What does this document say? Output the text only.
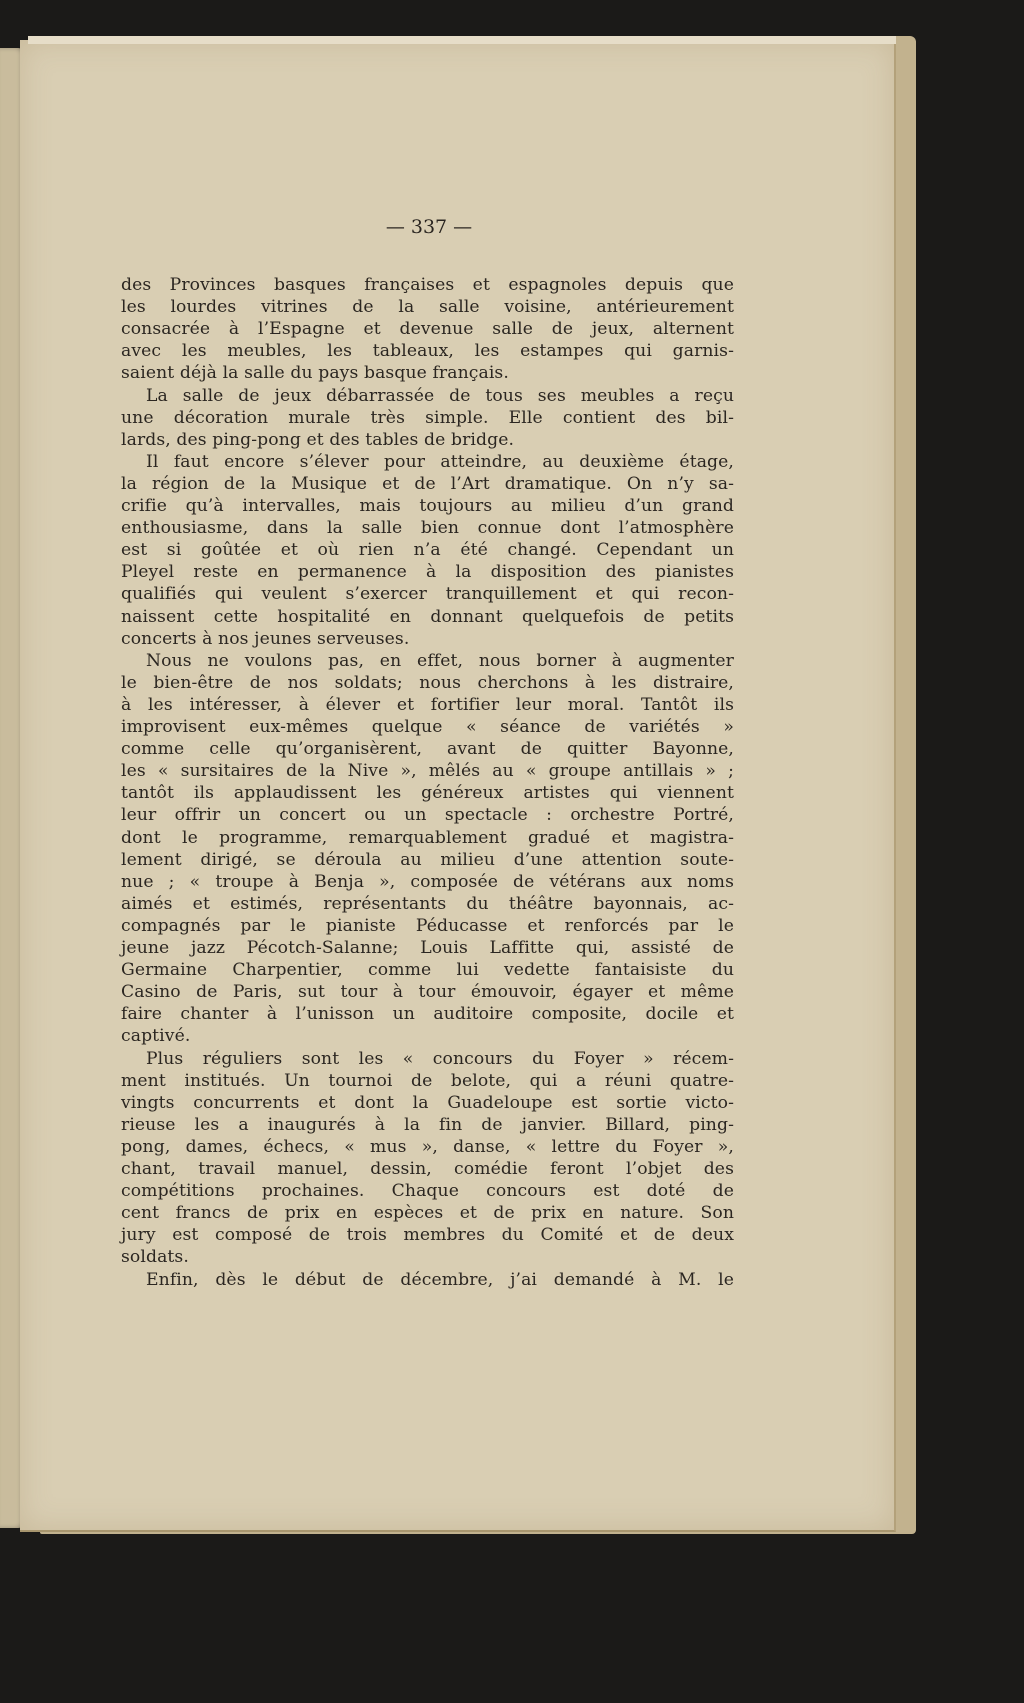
— 337 —
des Provinces basques françaises et espagnoles depuis que
les lourdes vitrines de la salle voisine, antérieurement
consacrée à l’Espagne et devenue salle de jeux, alternent
avec les meubles, les tableaux, les estampes qui garnis-
saient déjà la salle du pays basque français.
La salle de jeux débarrassée de tous ses meubles a reçu
une décoration murale très simple. Elle contient des bil-
lards, des ping-pong et des tables de bridge.
Il faut encore s’élever pour atteindre, au deuxième étage,
la région de la Musique et de l’Art dramatique. On n’y sa-
crifie qu’à intervalles, mais toujours au milieu d’un grand
enthousiasme, dans la salle bien connue dont l’atmosphère
est si goûtée et où rien n’a été changé. Cependant un
Pleyel reste en permanence à la disposition des pianistes
qualifiés qui veulent s’exercer tranquillement et qui recon-
naissent cette hospitalité en donnant quelquefois de petits
concerts à nos jeunes serveuses.
Nous ne voulons pas, en effet, nous borner à augmenter
le bien-être de nos soldats; nous cherchons à les distraire,
à les intéresser, à élever et fortifier leur moral. Tantôt ils
improvisent eux-mêmes quelque « séance de variétés »
comme celle qu’organisèrent, avant de quitter Bayonne,
les « sursitaires de la Nive », mêlés au « groupe antillais » ;
tantôt ils applaudissent les généreux artistes qui viennent
leur offrir un concert ou un spectacle : orchestre Portré,
dont le programme, remarquablement gradué et magistra-
lement dirigé, se déroula au milieu d’une attention soute-
nue ; « troupe à Benja », composée de vétérans aux noms
aimés et estimés, représentants du théâtre bayonnais, ac-
compagnés par le pianiste Péducasse et renforcés par le
jeune jazz Pécotch-Salanne; Louis Laffitte qui, assisté de
Germaine Charpentier, comme lui vedette fantaisiste du
Casino de Paris, sut tour à tour émouvoir, égayer et même
faire chanter à l’unisson un auditoire composite, docile et
captivé.
Plus réguliers sont les « concours du Foyer » récem-
ment institués. Un tournoi de belote, qui a réuni quatre-
vingts concurrents et dont la Guadeloupe est sortie victo-
rieuse les a inaugurés à la fin de janvier. Billard, ping-
pong, dames, échecs, « mus », danse, « lettre du Foyer »,
chant, travail manuel, dessin, comédie feront l’objet des
compétitions prochaines. Chaque concours est doté de
cent francs de prix en espèces et de prix en nature. Son
jury est composé de trois membres du Comité et de deux
soldats.
Enfin, dès le début de décembre, j’ai demandé à M. le
